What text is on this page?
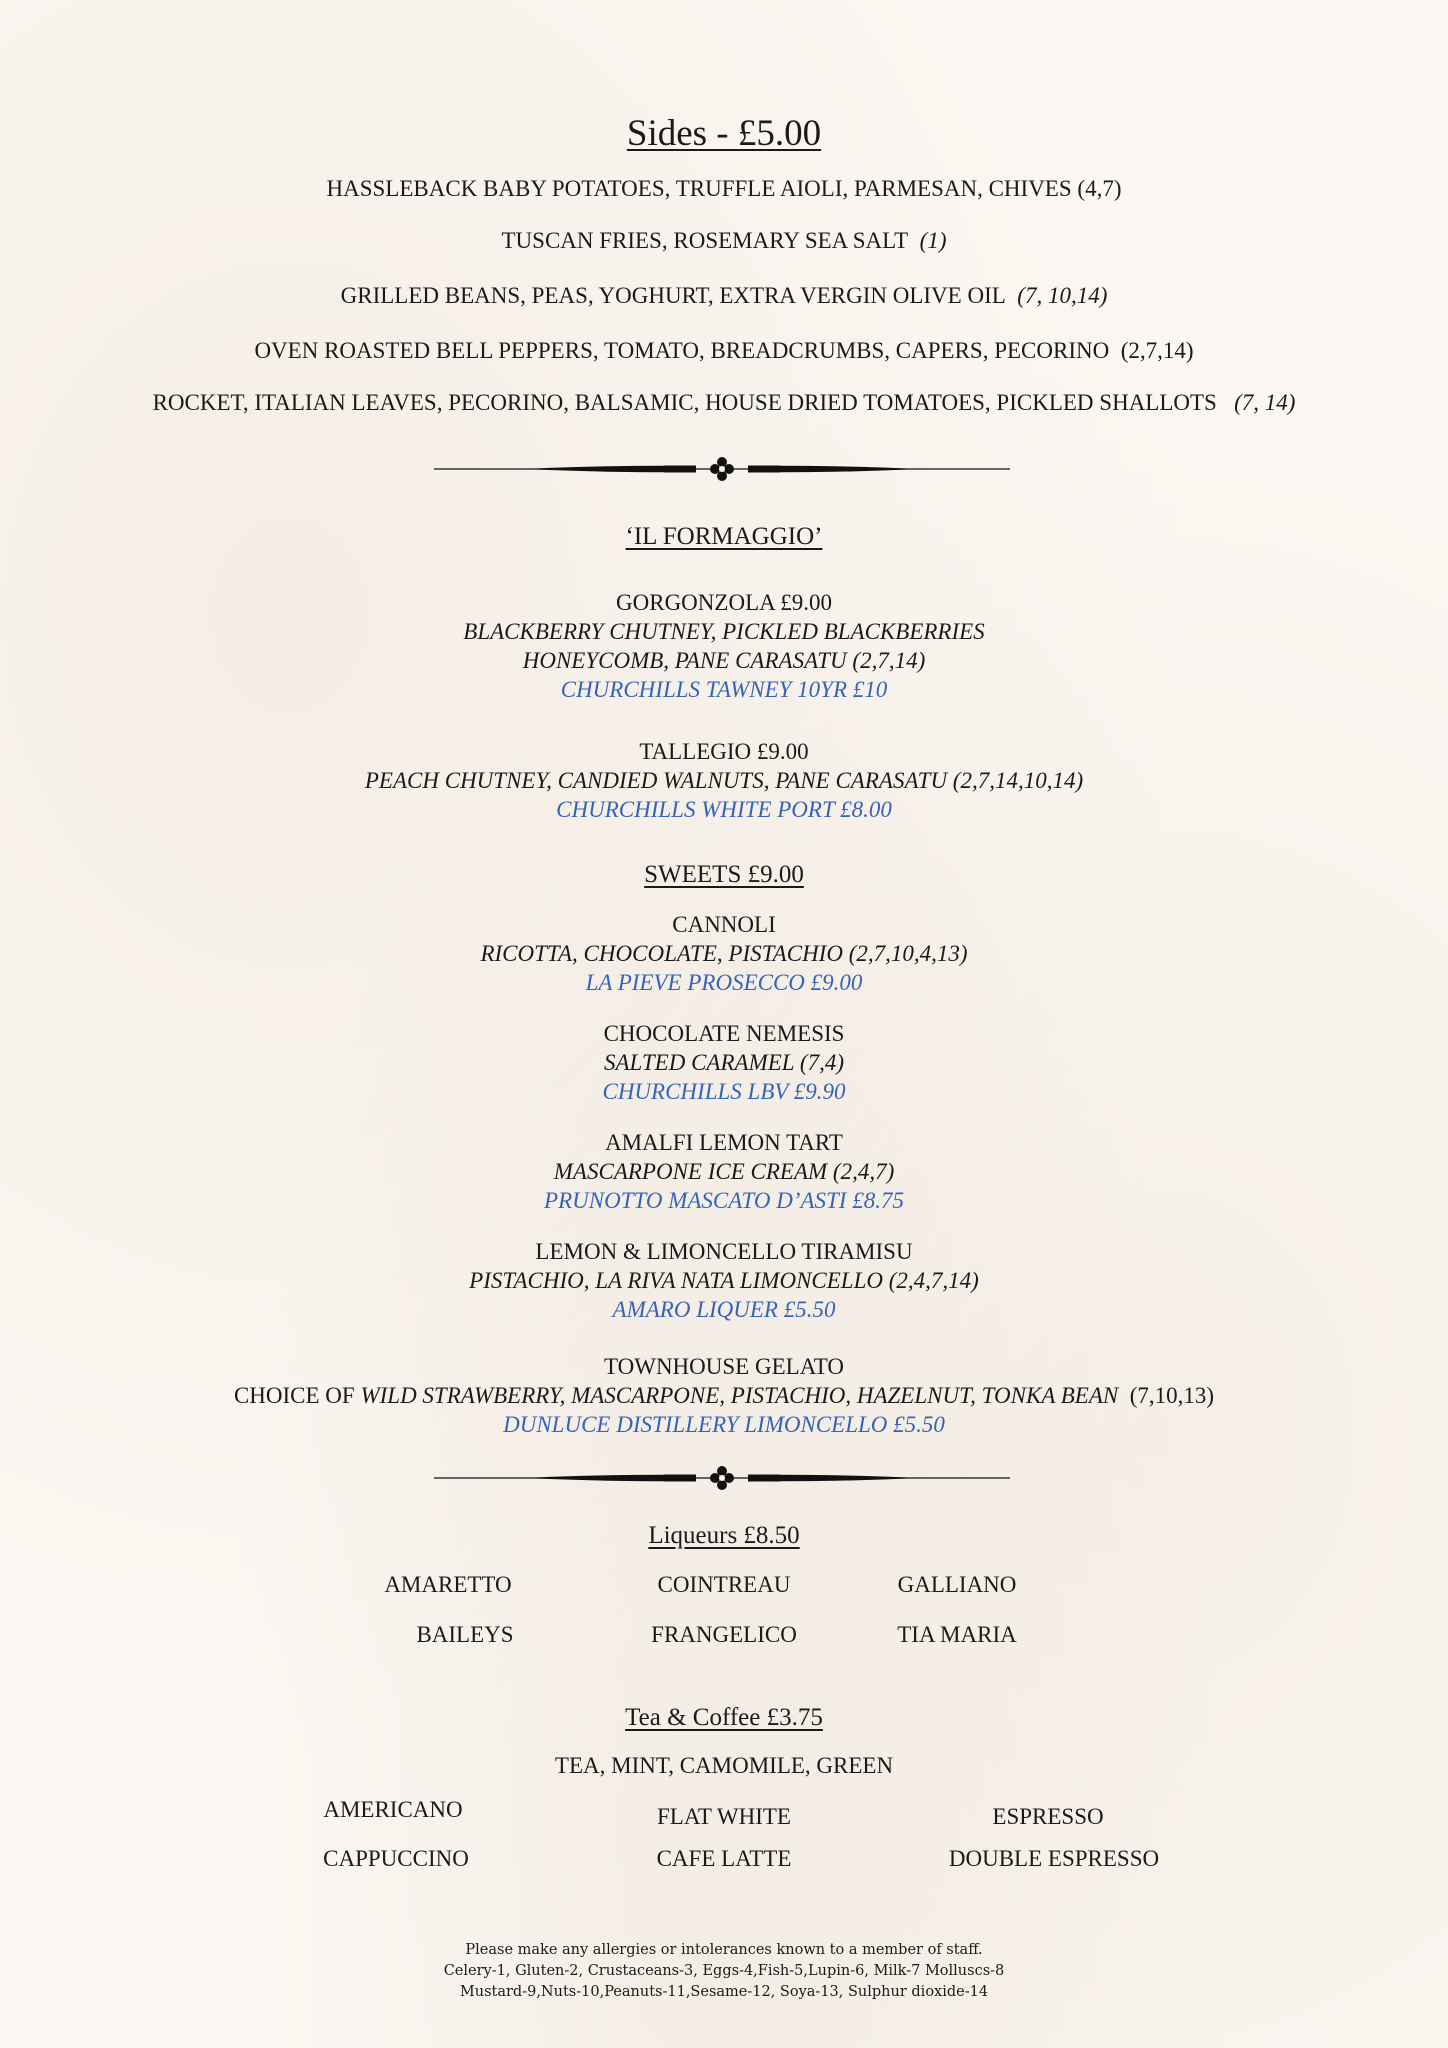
Sides - £5.00
HASSLEBACK BABY POTATOES, TRUFFLE AIOLI, PARMESAN, CHIVES (4,7)
TUSCAN FRIES, ROSEMARY SEA SALT (1)
GRILLED BEANS, PEAS, YOGHURT, EXTRA VERGIN OLIVE OIL (7, 10,14)
OVEN ROASTED BELL PEPPERS, TOMATO, BREADCRUMBS, CAPERS, PECORINO (2,7,14)
ROCKET, ITALIAN LEAVES, PECORINO, BALSAMIC, HOUSE DRIED TOMATOES, PICKLED SHALLOTS (7, 14)
‘IL FORMAGGIO’
GORGONZOLA £9.00
BLACKBERRY CHUTNEY, PICKLED BLACKBERRIES
HONEYCOMB, PANE CARASATU (2,7,14)
CHURCHILLS TAWNEY 10YR £10
TALLEGIO £9.00
PEACH CHUTNEY, CANDIED WALNUTS, PANE CARASATU (2,7,14,10,14)
CHURCHILLS WHITE PORT £8.00
SWEETS £9.00
CANNOLI
RICOTTA, CHOCOLATE, PISTACHIO (2,7,10,4,13)
LA PIEVE PROSECCO £9.00
CHOCOLATE NEMESIS
SALTED CARAMEL (7,4)
CHURCHILLS LBV £9.90
AMALFI LEMON TART
MASCARPONE ICE CREAM (2,4,7)
PRUNOTTO MASCATO D’ASTI £8.75
LEMON & LIMONCELLO TIRAMISU
PISTACHIO, LA RIVA NATA LIMONCELLO (2,4,7,14)
AMARO LIQUER £5.50
TOWNHOUSE GELATO
CHOICE OF WILD STRAWBERRY, MASCARPONE, PISTACHIO, HAZELNUT, TONKA BEAN (7,10,13)
DUNLUCE DISTILLERY LIMONCELLO £5.50
Liqueurs £8.50
AMARETTO	COINTREAU	GALLIANO
BAILEYS	FRANGELICO	TIA MARIA
Tea & Coffee £3.75
TEA, MINT, CAMOMILE, GREEN
AMERICANO	FLAT WHITE	ESPRESSO
CAPPUCCINO	CAFE LATTE	DOUBLE ESPRESSO
Please make any allergies or intolerances known to a member of staff.
Celery-1, Gluten-2, Crustaceans-3, Eggs-4,Fish-5,Lupin-6, Milk-7 Molluscs-8
Mustard-9,Nuts-10,Peanuts-11,Sesame-12, Soya-13, Sulphur dioxide-14
